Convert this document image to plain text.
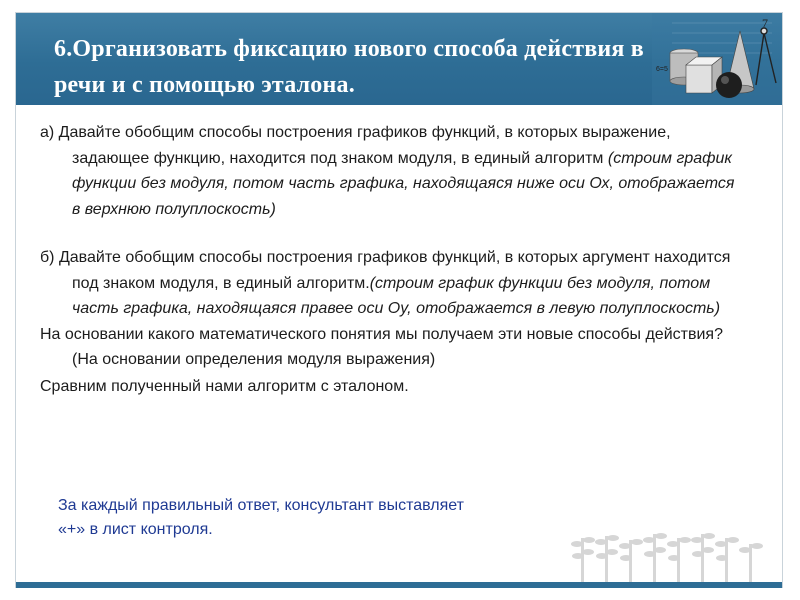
6.Организовать фиксацию нового способа действия в
речи и с помощью эталона.
7
6=5

а) Давайте обобщим способы построения графиков функций, в которых выражение, задающее функцию, находится под знаком модуля, в единый алгоритм (строим график функции без модуля, потом часть графика, находящаяся ниже оси Ох, отображается в верхнюю полуплоскость)

б) Давайте обобщим способы построения графиков функций, в которых аргумент находится под знаком модуля, в единый алгоритм.(строим график функции без модуля, потом часть графика, находящаяся правее оси Оу, отображается в левую полуплоскость)

На основании какого математического понятия мы получаем эти новые способы действия? (На основании определения модуля выражения)

Сравним полученный нами алгоритм с эталоном.

За каждый правильный ответ, консультант выставляет
«+» в лист контроля.
